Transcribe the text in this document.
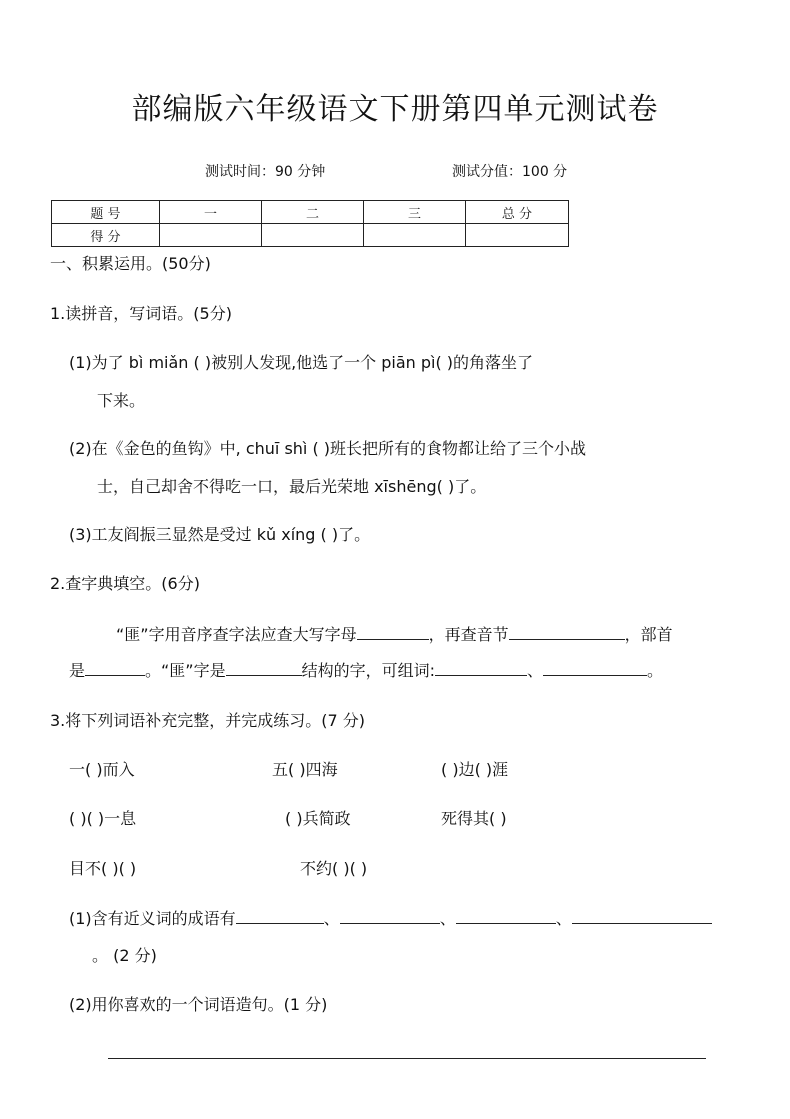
部编版六年级语文下册第四单元测试卷
测试时间：90 分钟	测试分值：100 分
题 号	一	二	三	总 分
得 分				
一、积累运用。(50分)
1.读拼音，写词语。(5分)
(1)为了 bì miǎn ( )被别人发现,他选了一个 piān pì( )的角落坐了
下来。
(2)在《金色的鱼钩》中, chuī shì ( )班长把所有的食物都让给了三个小战
士，自己却舍不得吃一口，最后光荣地 xīshēng( )了。
(3)工友阎振三显然是受过 kǔ xíng ( )了。
2.查字典填空。(6分)
“匪”字用音序查字法应查大写字母	，再查音节	，部首
是	。“匪”字是	结构的字，可组词:	、	。
3.将下列词语补充完整，并完成练习。(7 分)
一( )而入	五( )四海	( )边( )涯
( )( )一息	( )兵简政	死得其( )
目不( )( )	不约( )( )
(1)含有近义词的成语有	、	、	、
。 (2 分)
(2)用你喜欢的一个词语造句。(1 分)
